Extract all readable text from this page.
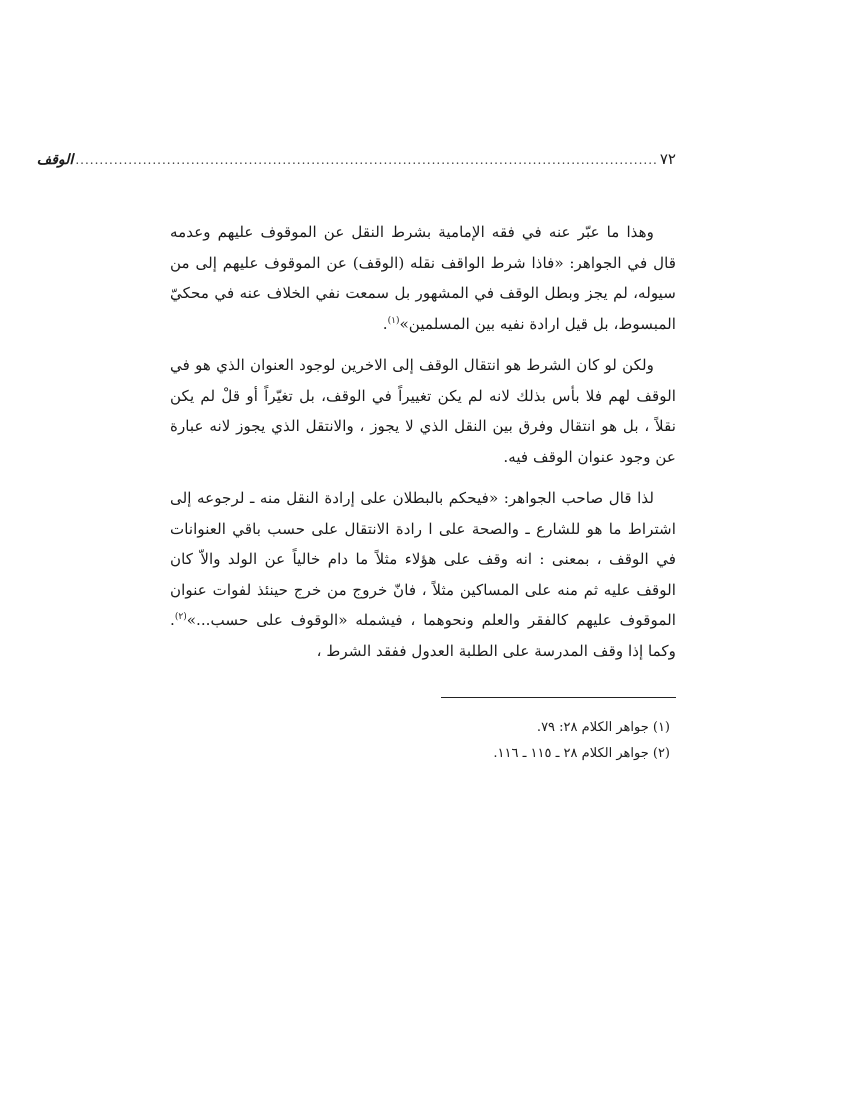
٧٢
.........................................................................................................................
الوقف

وهذا ما عبّر عنه في فقه الإمامية بشرط النقل عن الموقوف عليهم وعدمه قال في الجواهر: «فاذا شرط الواقف نقله (الوقف) عن الموقوف عليهم إلى من سيوله، لم يجز وبطل الوقف في المشهور بل سمعت نفي الخلاف عنه في محكيّ المبسوط، بل قيل ارادة نفيه بين المسلمين»$^{(١)}$.

ولكن لو كان الشرط هو انتقال الوقف إلى الاخرين لوجود العنوان الذي هو في الوقف لهم فلا بأس بذلك لانه لم يكن تغييراً في الوقف، بل تغيّراً أو قلْ لم يكن نقلاً ، بل هو انتقال وفرق بين النقل الذي لا يجوز ، والانتقل الذي يجوز لانه عبارة عن وجود عنوان الوقف فيه.

لذا قال صاحب الجواهر: «فيحكم بالبطلان على إرادة النقل منه ـ لرجوعه إلى اشتراط ما هو للشارع ـ والصحة على ا رادة الانتقال على حسب باقي العنوانات في الوقف ، بمعنى : انه وقف على هؤلاء مثلاً ما دام خالياً عن الولد والاّ كان الوقف عليه ثم منه على المساكين مثلاً ، فانّ خروج من خرج حينئذ لفوات عنوان الموقوف عليهم كالفقر والعلم ونحوهما ، فيشمله «الوقوف على حسب...»$^{(٢)}$. وكما إذا وقف المدرسة على الطلبة العدول ففقد الشرط ،

(١) جواهر الكلام ٢٨: ٧٩.

(٢) جواهر الكلام ٢٨ ـ ١١٥ ـ ١١٦.
